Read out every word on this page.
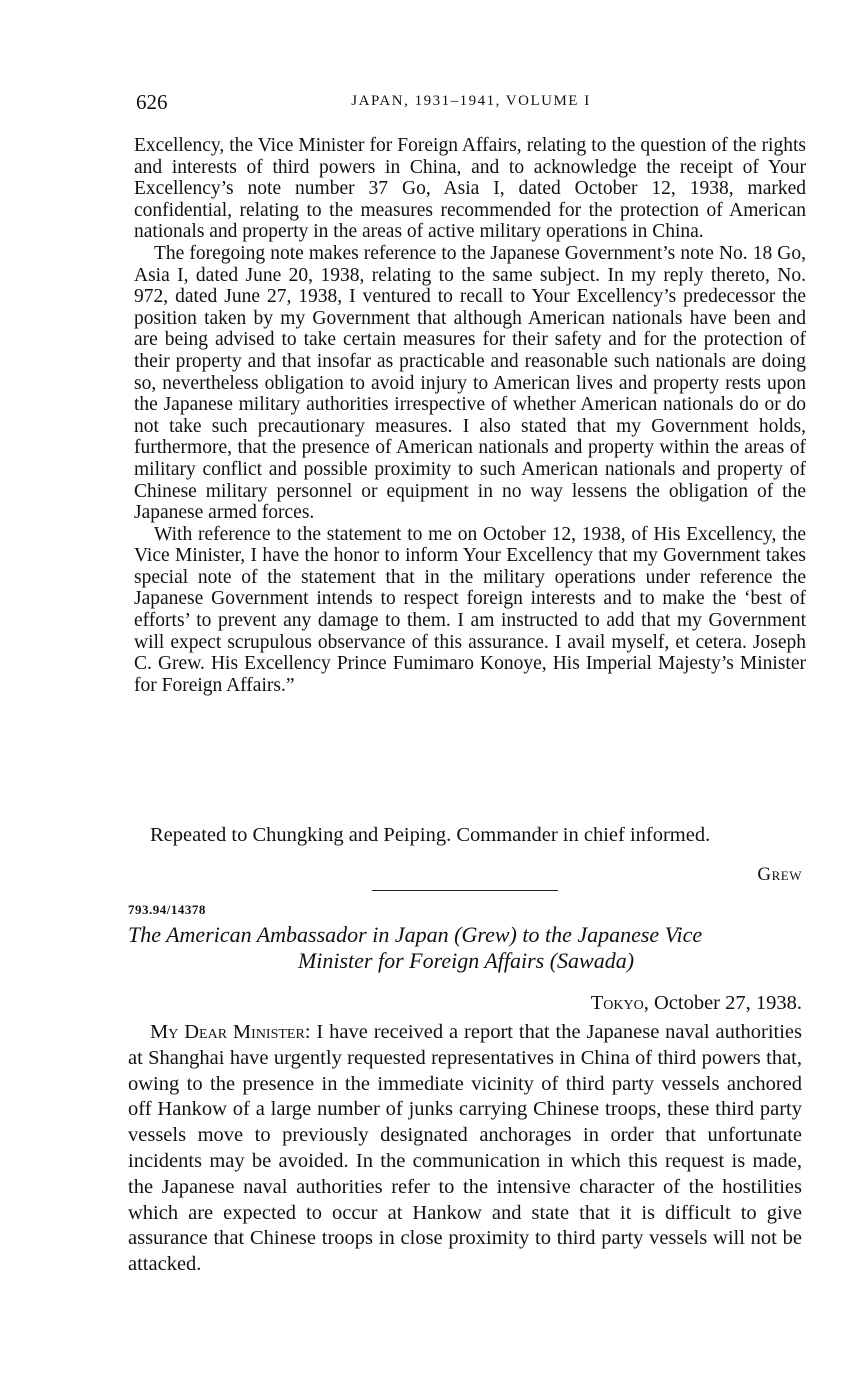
626	JAPAN, 1931–1941, VOLUME I

Excellency, the Vice Minister for Foreign Affairs, relating to the question of the rights and interests of third powers in China, and to acknowledge the receipt of Your Excellency’s note number 37 Go, Asia I, dated October 12, 1938, marked confidential, relating to the measures recommended for the protection of American nationals and property in the areas of active military operations in China.

The foregoing note makes reference to the Japanese Government’s note No. 18 Go, Asia I, dated June 20, 1938, relating to the same subject. In my reply thereto, No. 972, dated June 27, 1938, I ventured to recall to Your Excellency’s predecessor the position taken by my Government that although American nationals have been and are being advised to take certain measures for their safety and for the protection of their property and that insofar as practicable and reasonable such nationals are doing so, nevertheless obligation to avoid injury to American lives and property rests upon the Japanese military authorities irrespective of whether American nationals do or do not take such precautionary measures. I also stated that my Government holds, furthermore, that the presence of American nationals and property within the areas of military conflict and possible proximity to such American nationals and property of Chinese military personnel or equipment in no way lessens the obligation of the Japanese armed forces.

With reference to the statement to me on October 12, 1938, of His Excellency, the Vice Minister, I have the honor to inform Your Excellency that my Government takes special note of the statement that in the military operations under reference the Japanese Government intends to respect foreign interests and to make the ‘best of efforts’ to prevent any damage to them. I am instructed to add that my Government will expect scrupulous observance of this assurance. I avail myself, et cetera. Joseph C. Grew. His Excellency Prince Fumimaro Konoye, His Imperial Majesty’s Minister for Foreign Affairs.”

Repeated to Chungking and Peiping. Commander in chief informed.

Grew
793.94/14378
The American Ambassador in Japan (Grew) to the Japanese Vice
Minister for Foreign Affairs (Sawada)
Tokyo, October 27, 1938.

My Dear Minister: I have received a report that the Japanese naval authorities at Shanghai have urgently requested representatives in China of third powers that, owing to the presence in the immediate vicinity of third party vessels anchored off Hankow of a large number of junks carrying Chinese troops, these third party vessels move to previously designated anchorages in order that unfortunate incidents may be avoided. In the communication in which this request is made, the Japanese naval authorities refer to the intensive character of the hostilities which are expected to occur at Hankow and state that it is difficult to give assurance that Chinese troops in close proximity to third party vessels will not be attacked.
